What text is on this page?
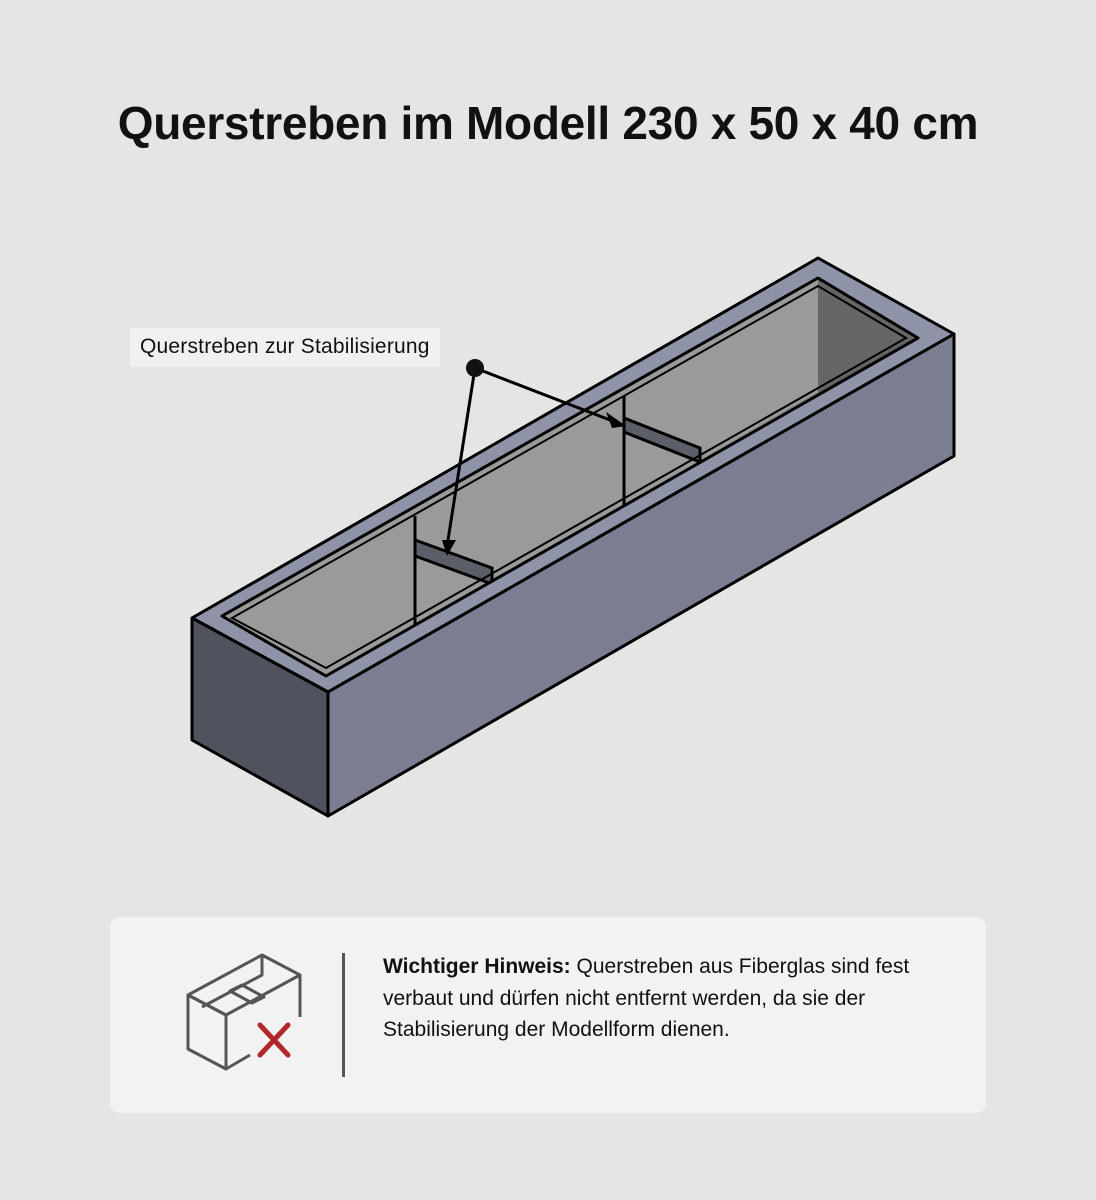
Querstreben im Modell 230 x 50 x 40 cm
Querstreben zur Stabilisierung

Wichtiger Hinweis: Querstreben aus Fiberglas sind fest verbaut und dürfen nicht entfernt werden, da sie der Stabilisierung der Modellform dienen.
